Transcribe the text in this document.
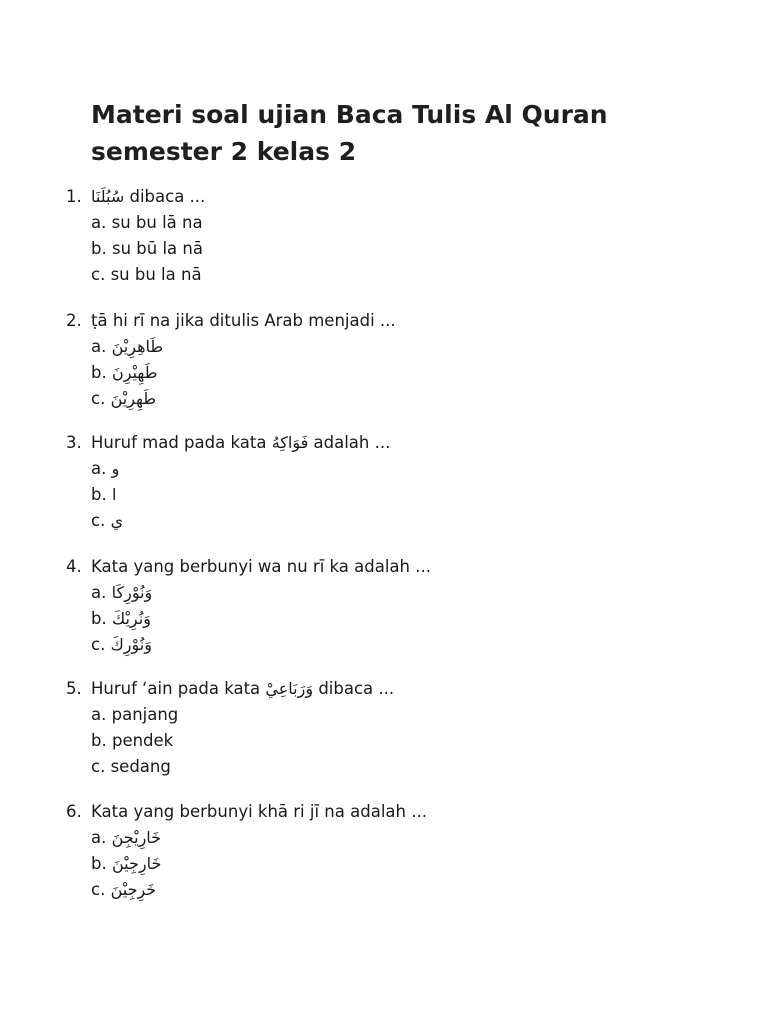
Materi soal ujian Baca Tulis Al Quran semester 2 kelas 2
1. سُبُلَنَا dibaca ...
a. su bu lā na
b. su bū la nā
c. su bu la nā
2. ṭā hi rī na jika ditulis Arab menjadi ...
a. طَاهِرِيْنَ
b. طَهِيْرِنَ
c. طَهِرِيْنَ
3. Huruf mad pada kata فَوَاكِهُ adalah ...
a. و
b. ا
c. ي
4. Kata yang berbunyi wa nu rī ka adalah ...
a. وَنُوْرِكَا
b. وَنُرِيْكَ
c. وَنُوْرِكَ
5. Huruf ‘ain pada kata وَرَبَاعِيْ dibaca ...
a. panjang
b. pendek
c. sedang
6. Kata yang berbunyi khā ri jī na adalah ...
a. خَارِيْجِنَ
b. خَارِجِيْنَ
c. خَرِجِيْنَ
